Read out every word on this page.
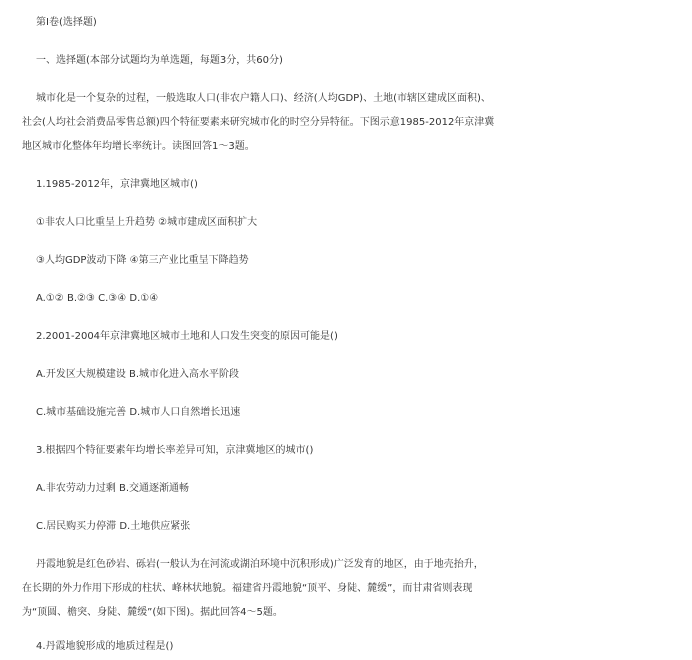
第Ⅰ卷(选择题)
一、选择题(本部分试题均为单选题，每题3分，共60分)
城市化是一个复杂的过程，一般选取人口(非农户籍人口)、经济(人均GDP)、土地(市辖区建成区面积)、
社会(人均社会消费品零售总额)四个特征要素来研究城市化的时空分异特征。下图示意1985-2012年京津冀
地区城市化整体年均增长率统计。读图回答1～3题。
1.1985-2012年，京津冀地区城市()
①非农人口比重呈上升趋势 ②城市建成区面积扩大
③人均GDP波动下降 ④第三产业比重呈下降趋势
A.①② B.②③ C.③④ D.①④
2.2001-2004年京津冀地区城市土地和人口发生突变的原因可能是()
A.开发区大规模建设 B.城市化进入高水平阶段
C.城市基础设施完善 D.城市人口自然增长迅速
3.根据四个特征要素年均增长率差异可知，京津冀地区的城市()
A.非农劳动力过剩 B.交通逐渐通畅
C.居民购买力停滞 D.土地供应紧张
丹霞地貌是红色砂岩、砾岩(一般认为在河流或湖泊环境中沉积形成)广泛发育的地区，由于地壳抬升，
在长期的外力作用下形成的柱状、峰林状地貌。福建省丹霞地貌“顶平、身陡、麓缓”，而甘肃省则表现
为“顶圆、檐突、身陡、麓缓”(如下图)。据此回答4～5题。
4.丹霞地貌形成的地质过程是()
